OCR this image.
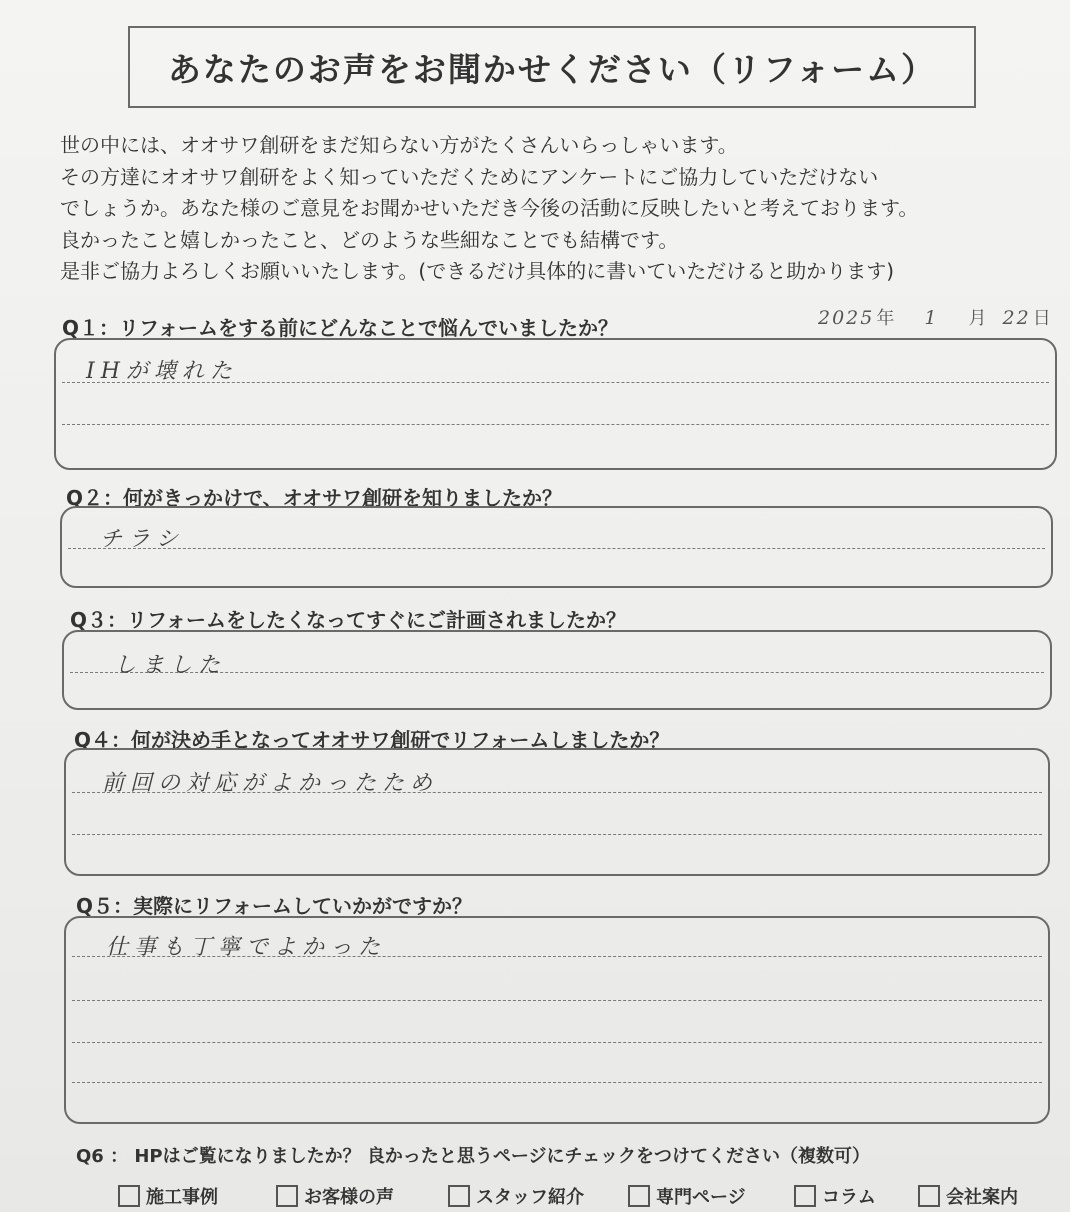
あなたのお声をお聞かせください（リフォーム）
世の中には、オオサワ創研をまだ知らない方がたくさんいらっしゃいます。
その方達にオオサワ創研をよく知っていただくためにアンケートにご協力していただけない
でしょうか。あなた様のご意見をお聞かせいただき今後の活動に反映したいと考えております。
良かったこと嬉しかったこと、どのような些細なことでも結構です。
是非ご協力よろしくお願いいたします。(できるだけ具体的に書いていただけると助かります)
Q１：リフォームをする前にどんなことで悩んでいましたか？	2025 年 1 月 22 日
IHが壊れた
Q２：何がきっかけで、オオサワ創研を知りましたか？
チラシ
Q３：リフォームをしたくなってすぐにご計画されましたか？
しました
Q４：何が決め手となってオオサワ創研でリフォームしましたか？
前回の対応がよかったため
Q５：実際にリフォームしていかがですか？
仕事も丁寧でよかった
Q6 ： HPはご覧になりましたか？ 良かったと思うページにチェックをつけてください（複数可）
施工事例	お客様の声	スタッフ紹介	専門ページ	コラム	会社案内
